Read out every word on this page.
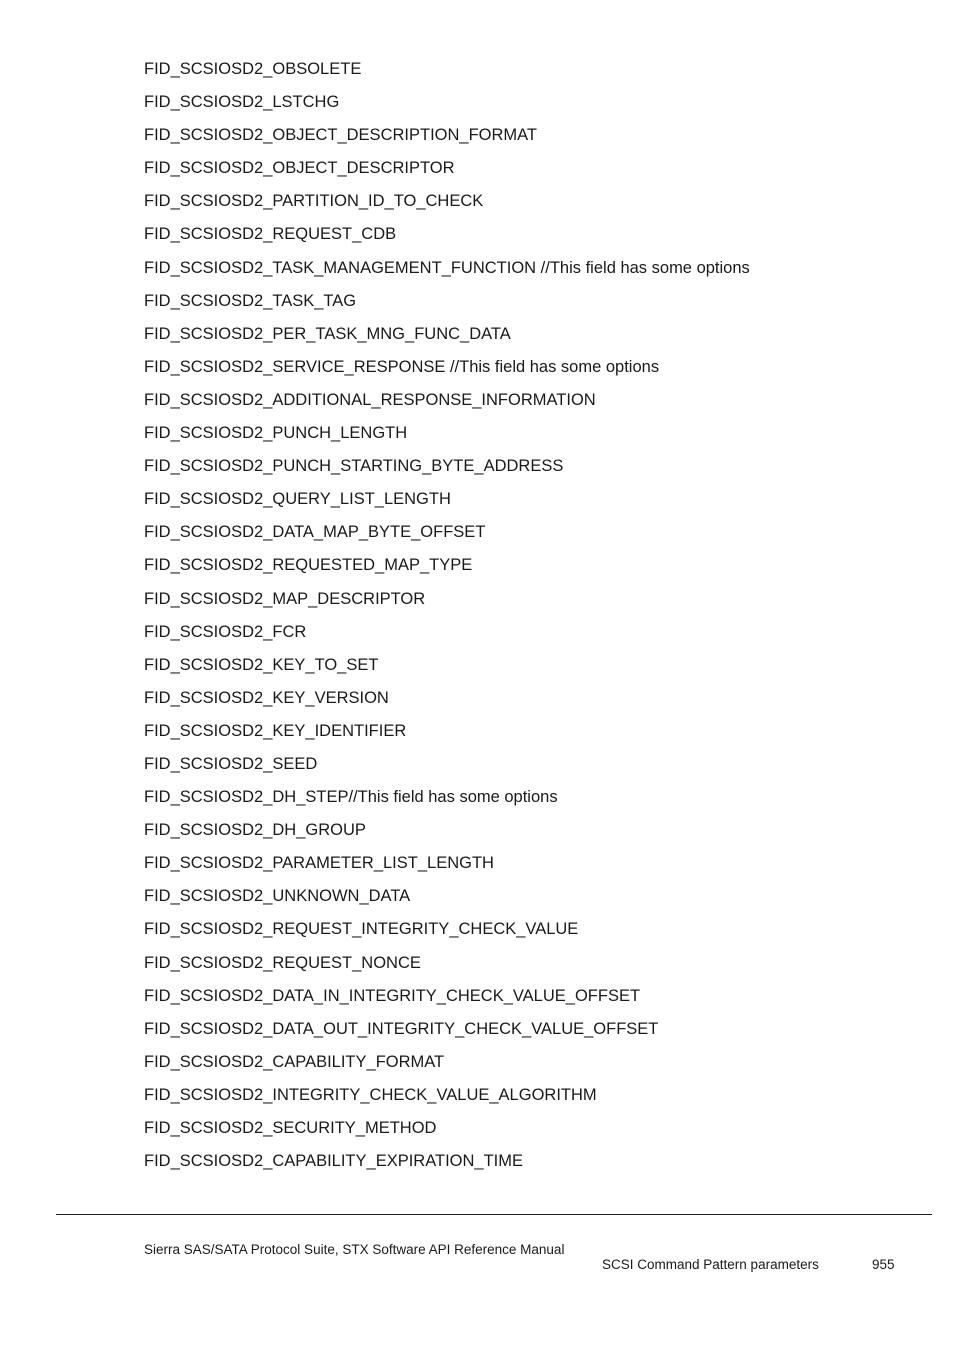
FID_SCSIOSD2_OBSOLETE
FID_SCSIOSD2_LSTCHG
FID_SCSIOSD2_OBJECT_DESCRIPTION_FORMAT
FID_SCSIOSD2_OBJECT_DESCRIPTOR
FID_SCSIOSD2_PARTITION_ID_TO_CHECK
FID_SCSIOSD2_REQUEST_CDB
FID_SCSIOSD2_TASK_MANAGEMENT_FUNCTION //This field has some options
FID_SCSIOSD2_TASK_TAG
FID_SCSIOSD2_PER_TASK_MNG_FUNC_DATA
FID_SCSIOSD2_SERVICE_RESPONSE //This field has some options
FID_SCSIOSD2_ADDITIONAL_RESPONSE_INFORMATION
FID_SCSIOSD2_PUNCH_LENGTH
FID_SCSIOSD2_PUNCH_STARTING_BYTE_ADDRESS
FID_SCSIOSD2_QUERY_LIST_LENGTH
FID_SCSIOSD2_DATA_MAP_BYTE_OFFSET
FID_SCSIOSD2_REQUESTED_MAP_TYPE
FID_SCSIOSD2_MAP_DESCRIPTOR
FID_SCSIOSD2_FCR
FID_SCSIOSD2_KEY_TO_SET
FID_SCSIOSD2_KEY_VERSION
FID_SCSIOSD2_KEY_IDENTIFIER
FID_SCSIOSD2_SEED
FID_SCSIOSD2_DH_STEP//This field has some options
FID_SCSIOSD2_DH_GROUP
FID_SCSIOSD2_PARAMETER_LIST_LENGTH
FID_SCSIOSD2_UNKNOWN_DATA
FID_SCSIOSD2_REQUEST_INTEGRITY_CHECK_VALUE
FID_SCSIOSD2_REQUEST_NONCE
FID_SCSIOSD2_DATA_IN_INTEGRITY_CHECK_VALUE_OFFSET
FID_SCSIOSD2_DATA_OUT_INTEGRITY_CHECK_VALUE_OFFSET
FID_SCSIOSD2_CAPABILITY_FORMAT
FID_SCSIOSD2_INTEGRITY_CHECK_VALUE_ALGORITHM
FID_SCSIOSD2_SECURITY_METHOD
FID_SCSIOSD2_CAPABILITY_EXPIRATION_TIME
Sierra SAS/SATA Protocol Suite, STX Software API Reference Manual
SCSI Command Pattern parameters	955
